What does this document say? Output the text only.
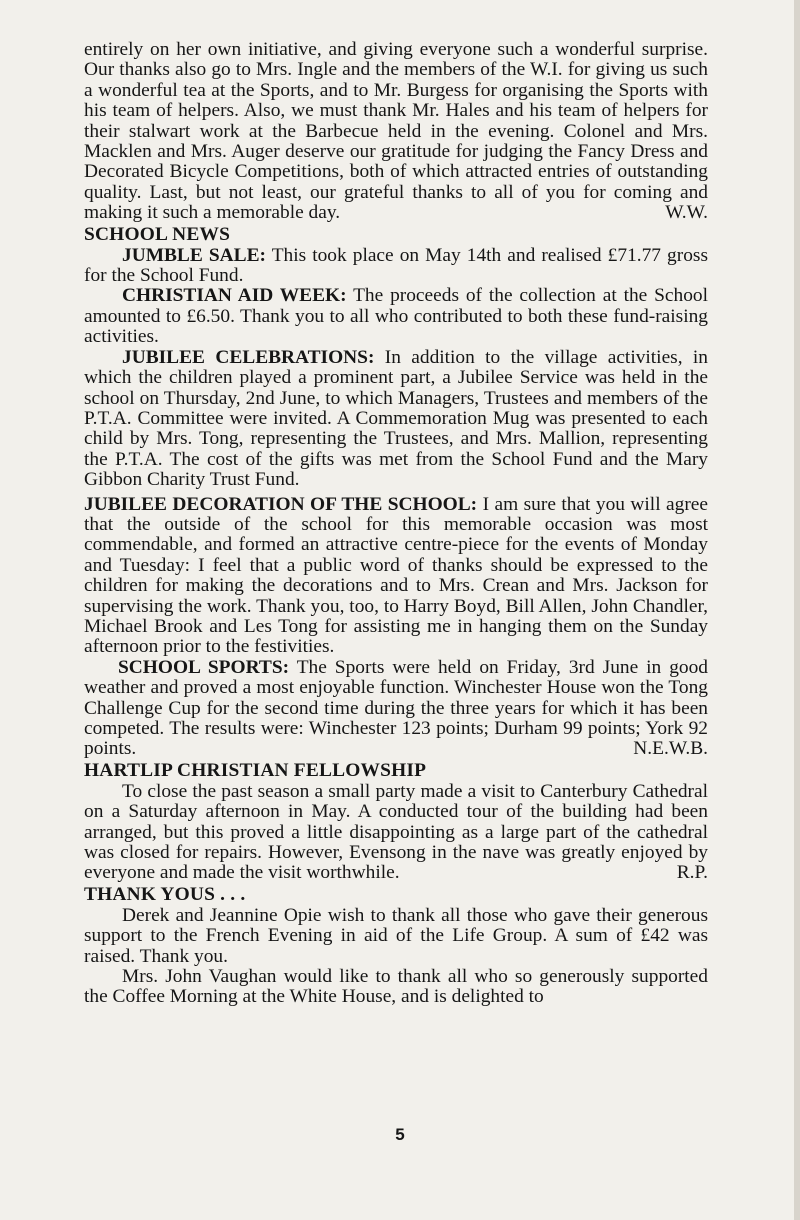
entirely on her own initiative, and giving everyone such a wonderful surprise. Our thanks also go to Mrs. Ingle and the members of the W.I. for giving us such a wonderful tea at the Sports, and to Mr. Burgess for organising the Sports with his team of helpers. Also, we must thank Mr. Hales and his team of helpers for their stalwart work at the Barbecue held in the evening. Colonel and Mrs. Macklen and Mrs. Auger deserve our gratitude for judging the Fancy Dress and Decorated Bicycle Competitions, both of which attracted entries of outstanding quality. Last, but not least, our grateful thanks to all of you for coming and making it such a memorable day.	W.W.

SCHOOL NEWS

JUMBLE SALE: This took place on May 14th and realised £71.77 gross for the School Fund.

CHRISTIAN AID WEEK: The proceeds of the collection at the School amounted to £6.50. Thank you to all who contributed to both these fund-raising activities.

JUBILEE CELEBRATIONS: In addition to the village activities, in which the children played a prominent part, a Jubilee Service was held in the school on Thursday, 2nd June, to which Managers, Trustees and members of the P.T.A. Committee were invited. A Commemoration Mug was presented to each child by Mrs. Tong, representing the Trustees, and Mrs. Mallion, representing the P.T.A. The cost of the gifts was met from the School Fund and the Mary Gibbon Charity Trust Fund.

JUBILEE DECORATION OF THE SCHOOL: I am sure that you will agree that the outside of the school for this memorable occasion was most commendable, and formed an attractive centre-piece for the events of Monday and Tuesday: I feel that a public word of thanks should be expressed to the children for making the decorations and to Mrs. Crean and Mrs. Jackson for supervising the work. Thank you, too, to Harry Boyd, Bill Allen, John Chandler, Michael Brook and Les Tong for assisting me in hanging them on the Sunday afternoon prior to the festivities.

SCHOOL SPORTS: The Sports were held on Friday, 3rd June in good weather and proved a most enjoyable function. Winchester House won the Tong Challenge Cup for the second time during the three years for which it has been competed. The results were: Winchester 123 points; Durham 99 points; York 92 points.	N.E.W.B.

HARTLIP CHRISTIAN FELLOWSHIP

To close the past season a small party made a visit to Canterbury Cathedral on a Saturday afternoon in May. A conducted tour of the building had been arranged, but this proved a little disappointing as a large part of the cathedral was closed for repairs. However, Evensong in the nave was greatly enjoyed by everyone and made the visit worthwhile.	R.P.

THANK YOUS . . .

Derek and Jeannine Opie wish to thank all those who gave their generous support to the French Evening in aid of the Life Group. A sum of £42 was raised. Thank you.

Mrs. John Vaughan would like to thank all who so generously supported the Coffee Morning at the White House, and is delighted to

5
